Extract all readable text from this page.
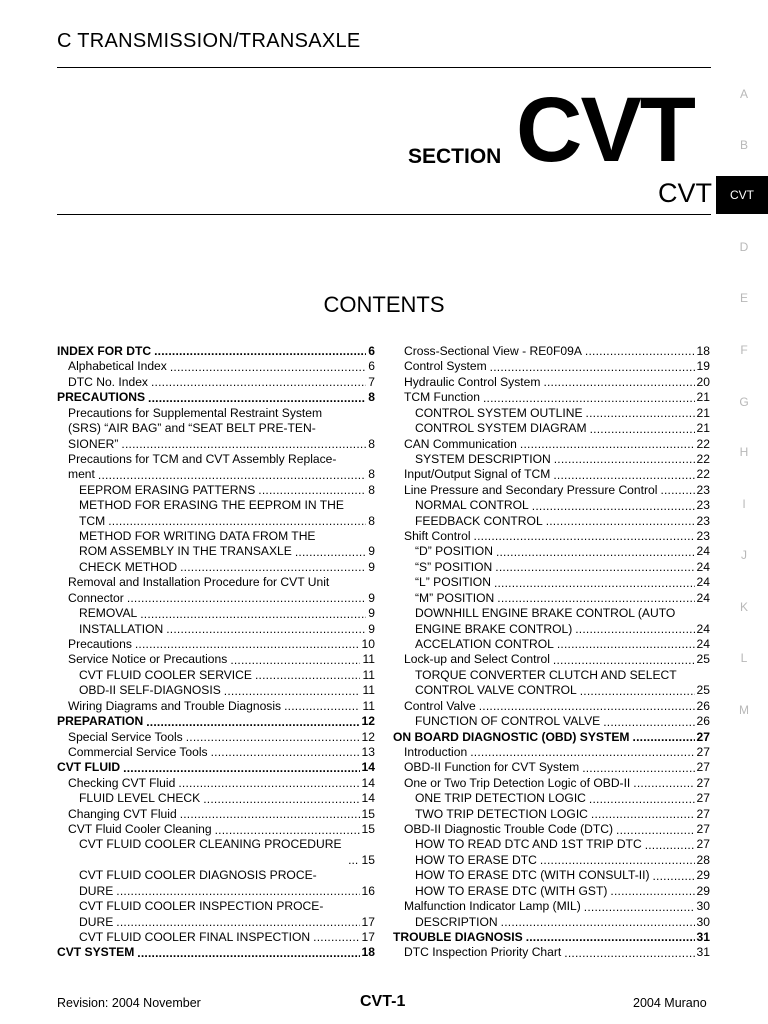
C TRANSMISSION/TRANSAXLE
SECTION CVT
CVT
A
B
CVT
D
E
F
G
H
I
J
K
L
M
CONTENTS
INDEX FOR DTC .....	6
Alphabetical Index .....	6
DTC No. Index .....	7
PRECAUTIONS .....	8
Precautions for Supplemental Restraint System
(SRS) “AIR BAG” and “SEAT BELT PRE-TEN-
SIONER” .....	8
Precautions for TCM and CVT Assembly Replace-
ment .....	8
EEPROM ERASING PATTERNS .....	8
METHOD FOR ERASING THE EEPROM IN THE
TCM .....	8
METHOD FOR WRITING DATA FROM THE
ROM ASSEMBLY IN THE TRANSAXLE .....	9
CHECK METHOD .....	9
Removal and Installation Procedure for CVT Unit
Connector .....	9
REMOVAL .....	9
INSTALLATION .....	9
Precautions .....	10
Service Notice or Precautions .....	11
CVT FLUID COOLER SERVICE .....	11
OBD-II SELF-DIAGNOSIS .....	11
Wiring Diagrams and Trouble Diagnosis .....	11
PREPARATION .....	12
Special Service Tools .....	12
Commercial Service Tools .....	13
CVT FLUID .....	14
Checking CVT Fluid .....	14
FLUID LEVEL CHECK .....	14
Changing CVT Fluid .....	15
CVT Fluid Cooler Cleaning .....	15
CVT FLUID COOLER CLEANING PROCEDURE
... 15
CVT FLUID COOLER DIAGNOSIS PROCE-
DURE .....	16
CVT FLUID COOLER INSPECTION PROCE-
DURE .....	17
CVT FLUID COOLER FINAL INSPECTION .....	17
CVT SYSTEM .....	18
Cross-Sectional View - RE0F09A .....	18
Control System .....	19
Hydraulic Control System .....	20
TCM Function .....	21
CONTROL SYSTEM OUTLINE .....	21
CONTROL SYSTEM DIAGRAM .....	21
CAN Communication .....	22
SYSTEM DESCRIPTION .....	22
Input/Output Signal of TCM .....	22
Line Pressure and Secondary Pressure Control .....	23
NORMAL CONTROL .....	23
FEEDBACK CONTROL .....	23
Shift Control .....	23
“D” POSITION .....	24
“S” POSITION .....	24
“L” POSITION .....	24
“M” POSITION .....	24
DOWNHILL ENGINE BRAKE CONTROL (AUTO
ENGINE BRAKE CONTROL) .....	24
ACCELATION CONTROL .....	24
Lock-up and Select Control .....	25
TORQUE CONVERTER CLUTCH AND SELECT
CONTROL VALVE CONTROL .....	25
Control Valve .....	26
FUNCTION OF CONTROL VALVE .....	26
ON BOARD DIAGNOSTIC (OBD) SYSTEM .....	27
Introduction .....	27
OBD-II Function for CVT System .....	27
One or Two Trip Detection Logic of OBD-II .....	27
ONE TRIP DETECTION LOGIC .....	27
TWO TRIP DETECTION LOGIC .....	27
OBD-II Diagnostic Trouble Code (DTC) .....	27
HOW TO READ DTC AND 1ST TRIP DTC .....	27
HOW TO ERASE DTC .....	28
HOW TO ERASE DTC (WITH CONSULT-II) .....	29
HOW TO ERASE DTC (WITH GST) .....	29
Malfunction Indicator Lamp (MIL) .....	30
DESCRIPTION .....	30
TROUBLE DIAGNOSIS .....	31
DTC Inspection Priority Chart .....	31
Revision: 2004 November	CVT-1	2004 Murano
